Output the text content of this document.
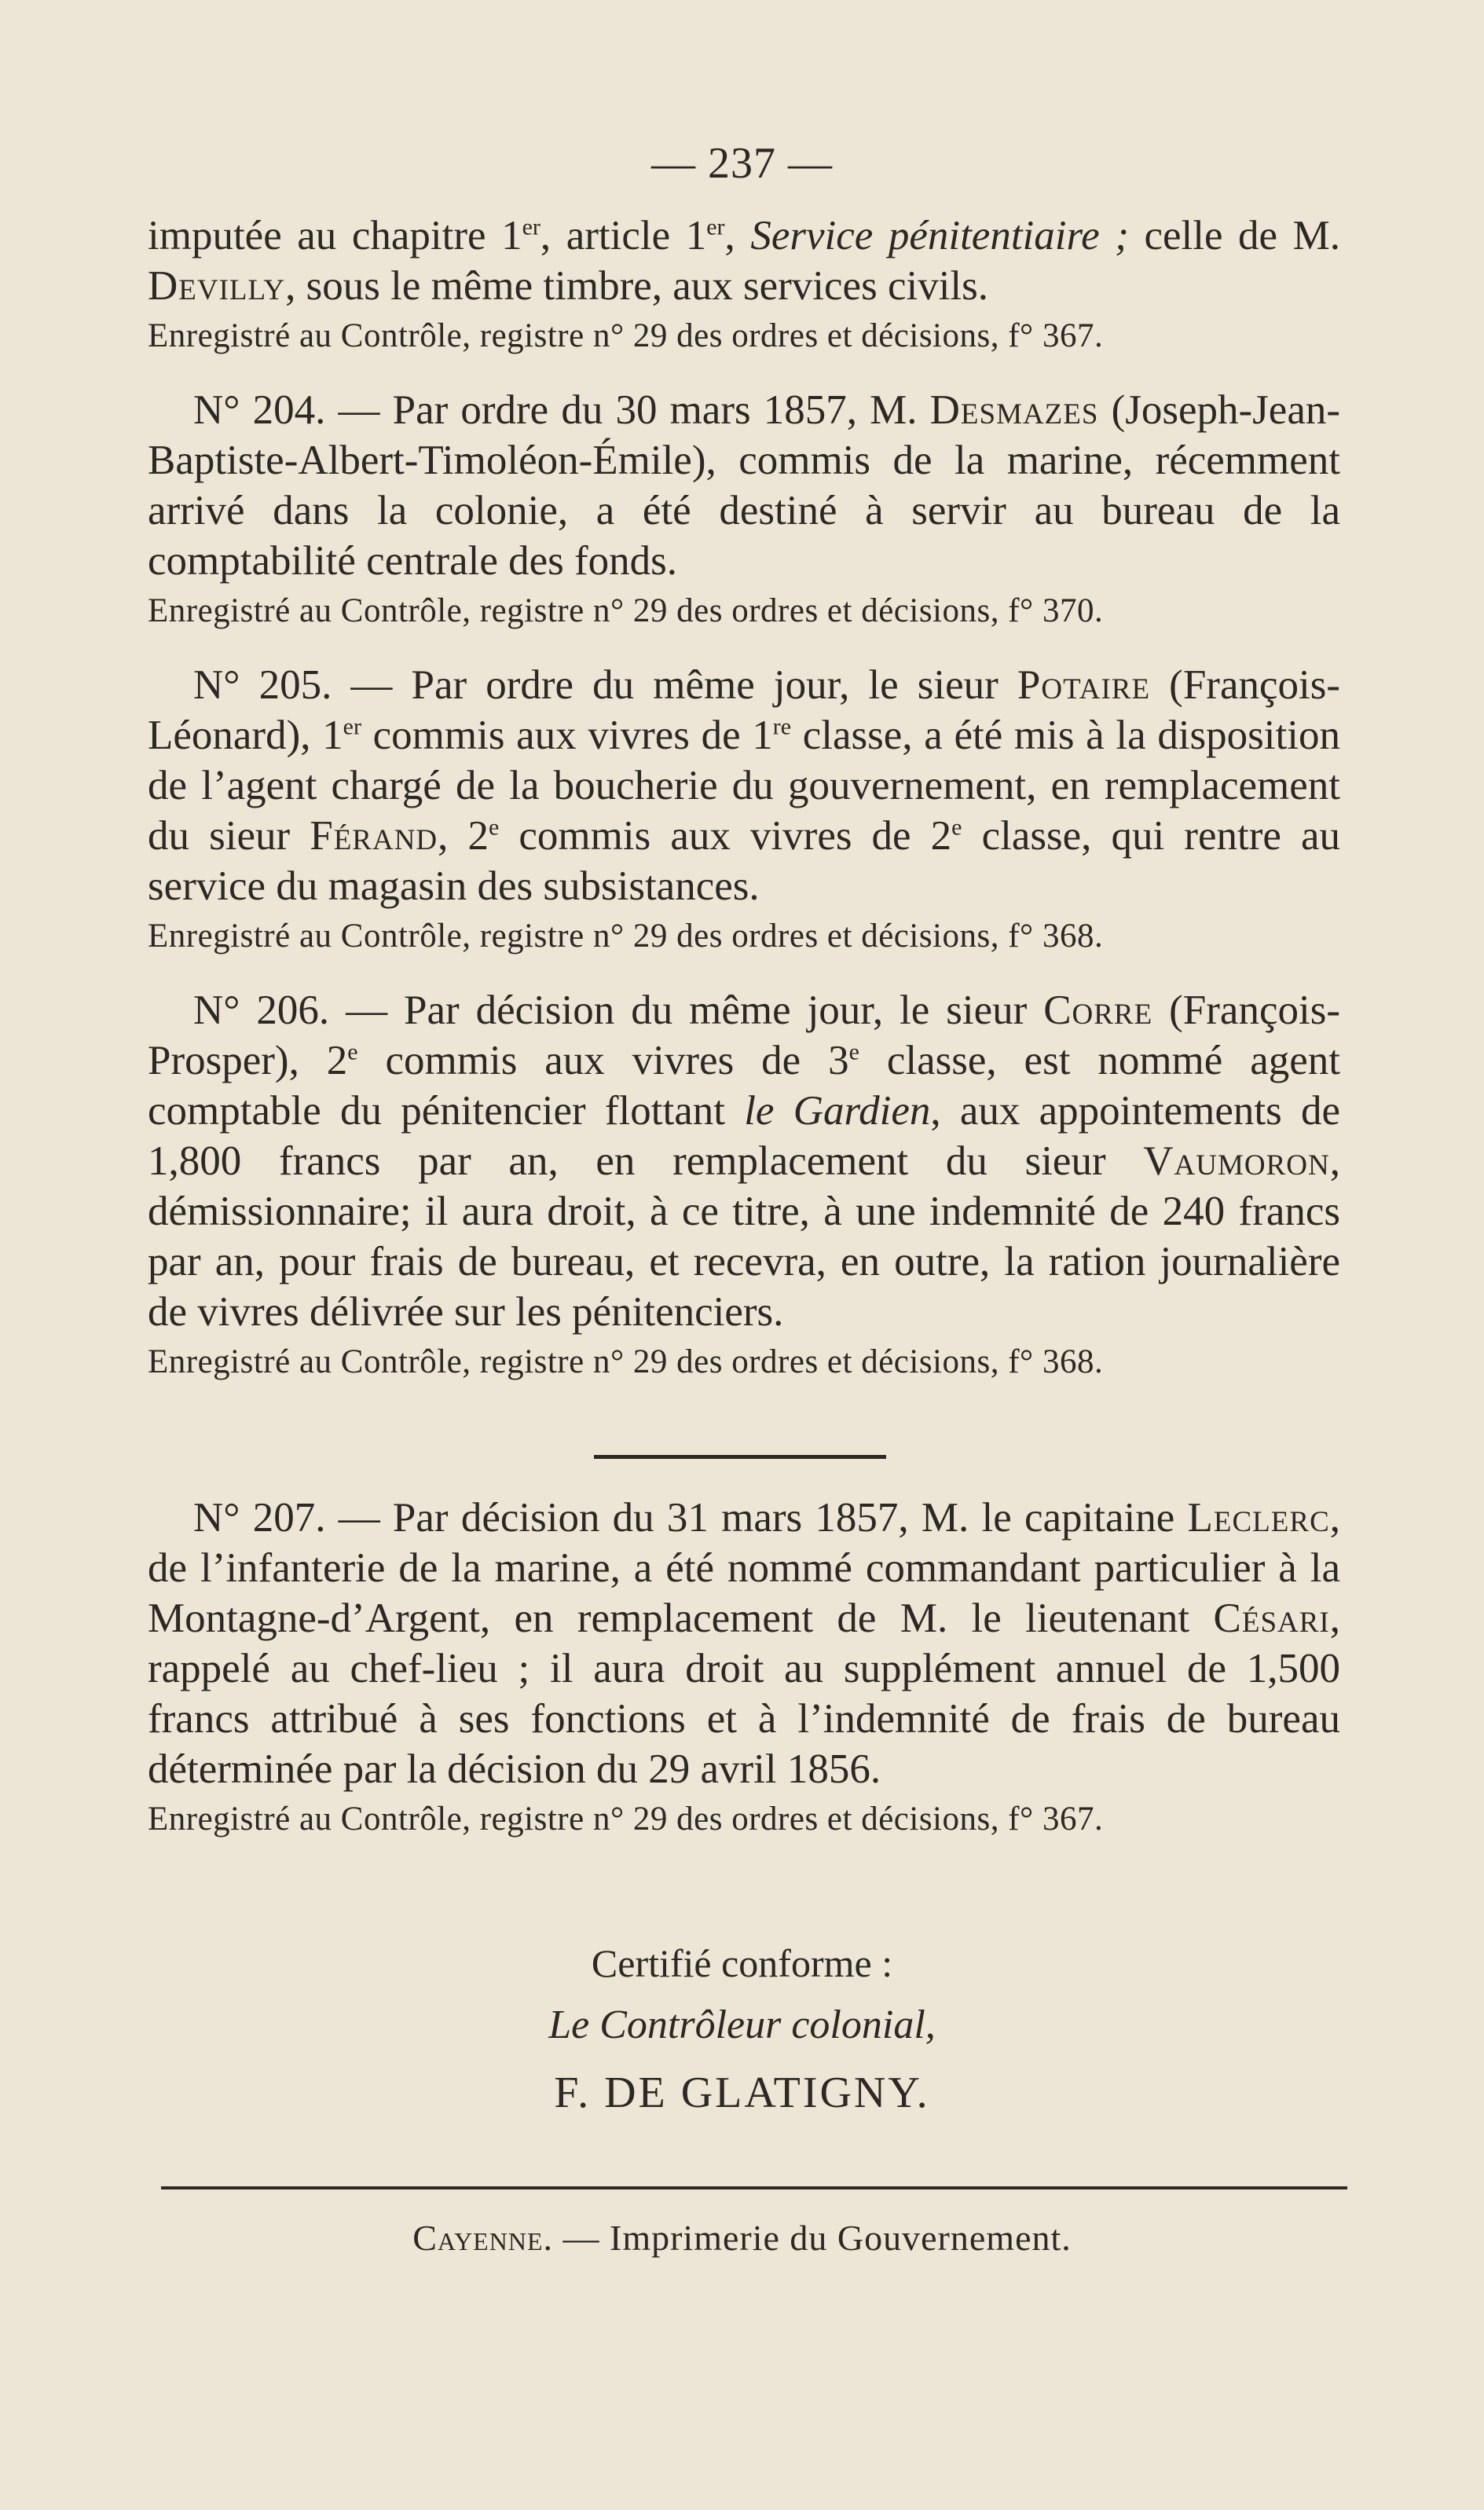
— 237 —

imputée au chapitre 1er, article 1er, Service pénitentiaire ; celle de M. Devilly, sous le même timbre, aux services civils.

Enregistré au Contrôle, registre n° 29 des ordres et décisions, f° 367.

N° 204. — Par ordre du 30 mars 1857, M. Desmazes (Joseph-Jean-Baptiste-Albert-Timoléon-Émile), commis de la marine, récemment arrivé dans la colonie, a été destiné à servir au bureau de la comptabilité centrale des fonds.

Enregistré au Contrôle, registre n° 29 des ordres et décisions, f° 370.

N° 205. — Par ordre du même jour, le sieur Potaire (François-Léonard), 1er commis aux vivres de 1re classe, a été mis à la disposition de l’agent chargé de la boucherie du gouvernement, en remplacement du sieur Férand, 2e commis aux vivres de 2e classe, qui rentre au service du magasin des subsistances.

Enregistré au Contrôle, registre n° 29 des ordres et décisions, f° 368.

N° 206. — Par décision du même jour, le sieur Corre (François-Prosper), 2e commis aux vivres de 3e classe, est nommé agent comptable du pénitencier flottant le Gardien, aux appointements de 1,800 francs par an, en remplacement du sieur Vaumoron, démissionnaire; il aura droit, à ce titre, à une indemnité de 240 francs par an, pour frais de bureau, et recevra, en outre, la ration journalière de vivres délivrée sur les pénitenciers.

Enregistré au Contrôle, registre n° 29 des ordres et décisions, f° 368.

N° 207. — Par décision du 31 mars 1857, M. le capitaine Leclerc, de l’infanterie de la marine, a été nommé commandant particulier à la Montagne-d’Argent, en remplacement de M. le lieutenant Césari, rappelé au chef-lieu ; il aura droit au supplément annuel de 1,500 francs attribué à ses fonctions et à l’indemnité de frais de bureau déterminée par la décision du 29 avril 1856.

Enregistré au Contrôle, registre n° 29 des ordres et décisions, f° 367.

Certifié conforme :
Le Contrôleur colonial,
F. DE GLATIGNY.
Cayenne. — Imprimerie du Gouvernement.
